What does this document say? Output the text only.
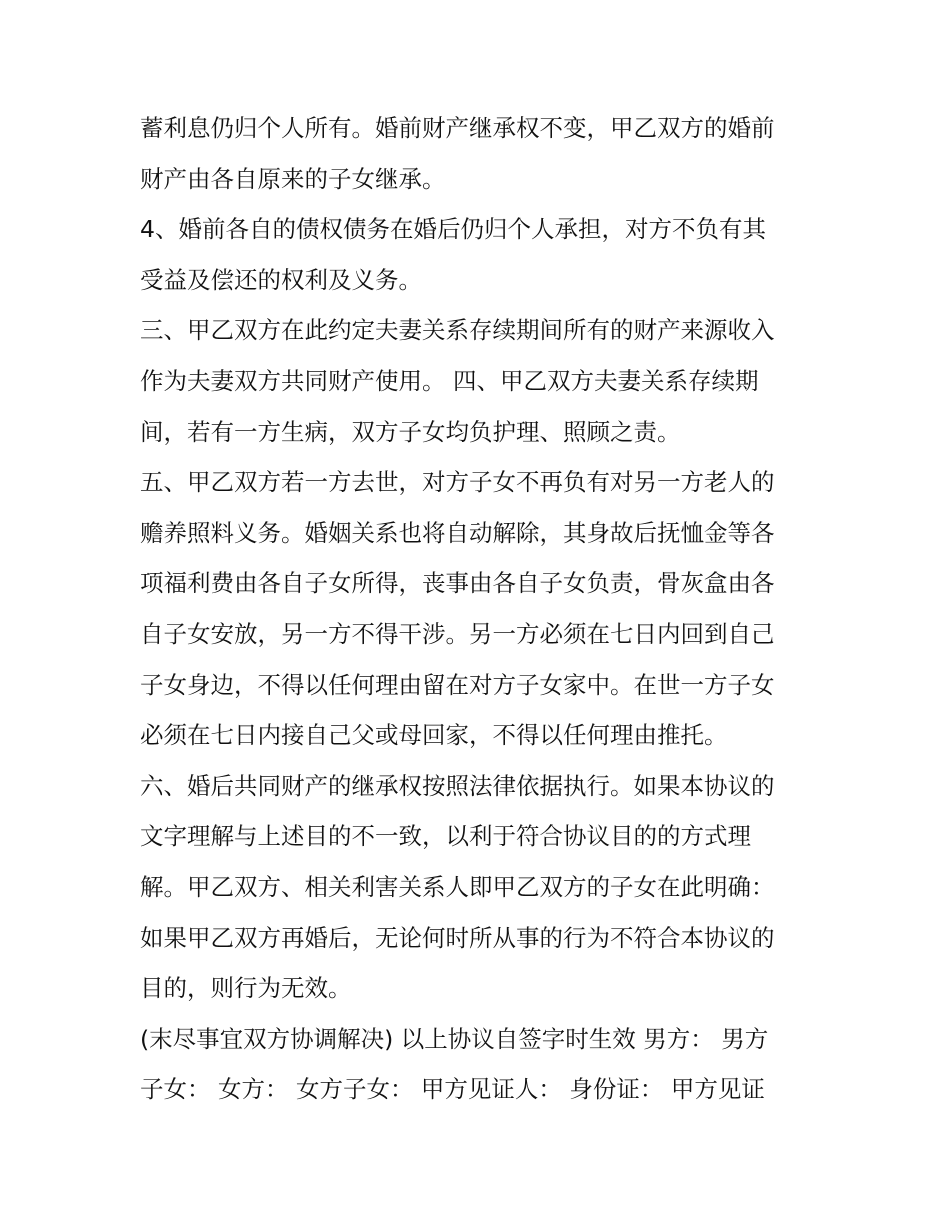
蓄利息仍归个人所有。婚前财产继承权不变，甲乙双方的婚前
财产由各自原来的子女继承。
4、婚前各自的债权债务在婚后仍归个人承担，对方不负有其
受益及偿还的权利及义务。
三、甲乙双方在此约定夫妻关系存续期间所有的财产来源收入
作为夫妻双方共同财产使用。 四、甲乙双方夫妻关系存续期
间，若有一方生病，双方子女均负护理、照顾之责。
五、甲乙双方若一方去世，对方子女不再负有对另一方老人的
赡养照料义务。婚姻关系也将自动解除，其身故后抚恤金等各
项福利费由各自子女所得，丧事由各自子女负责，骨灰盒由各
自子女安放，另一方不得干涉。另一方必须在七日内回到自己
子女身边，不得以任何理由留在对方子女家中。在世一方子女
必须在七日内接自己父或母回家，不得以任何理由推托。
六、婚后共同财产的继承权按照法律依据执行。如果本协议的
文字理解与上述目的不一致，以利于符合协议目的的方式理
解。甲乙双方、相关利害关系人即甲乙双方的子女在此明确：
如果甲乙双方再婚后，无论何时所从事的行为不符合本协议的
目的，则行为无效。
(末尽事宜双方协调解决) 以上协议自签字时生效 男方： 男方
子女： 女方： 女方子女： 甲方见证人： 身份证： 甲方见证
